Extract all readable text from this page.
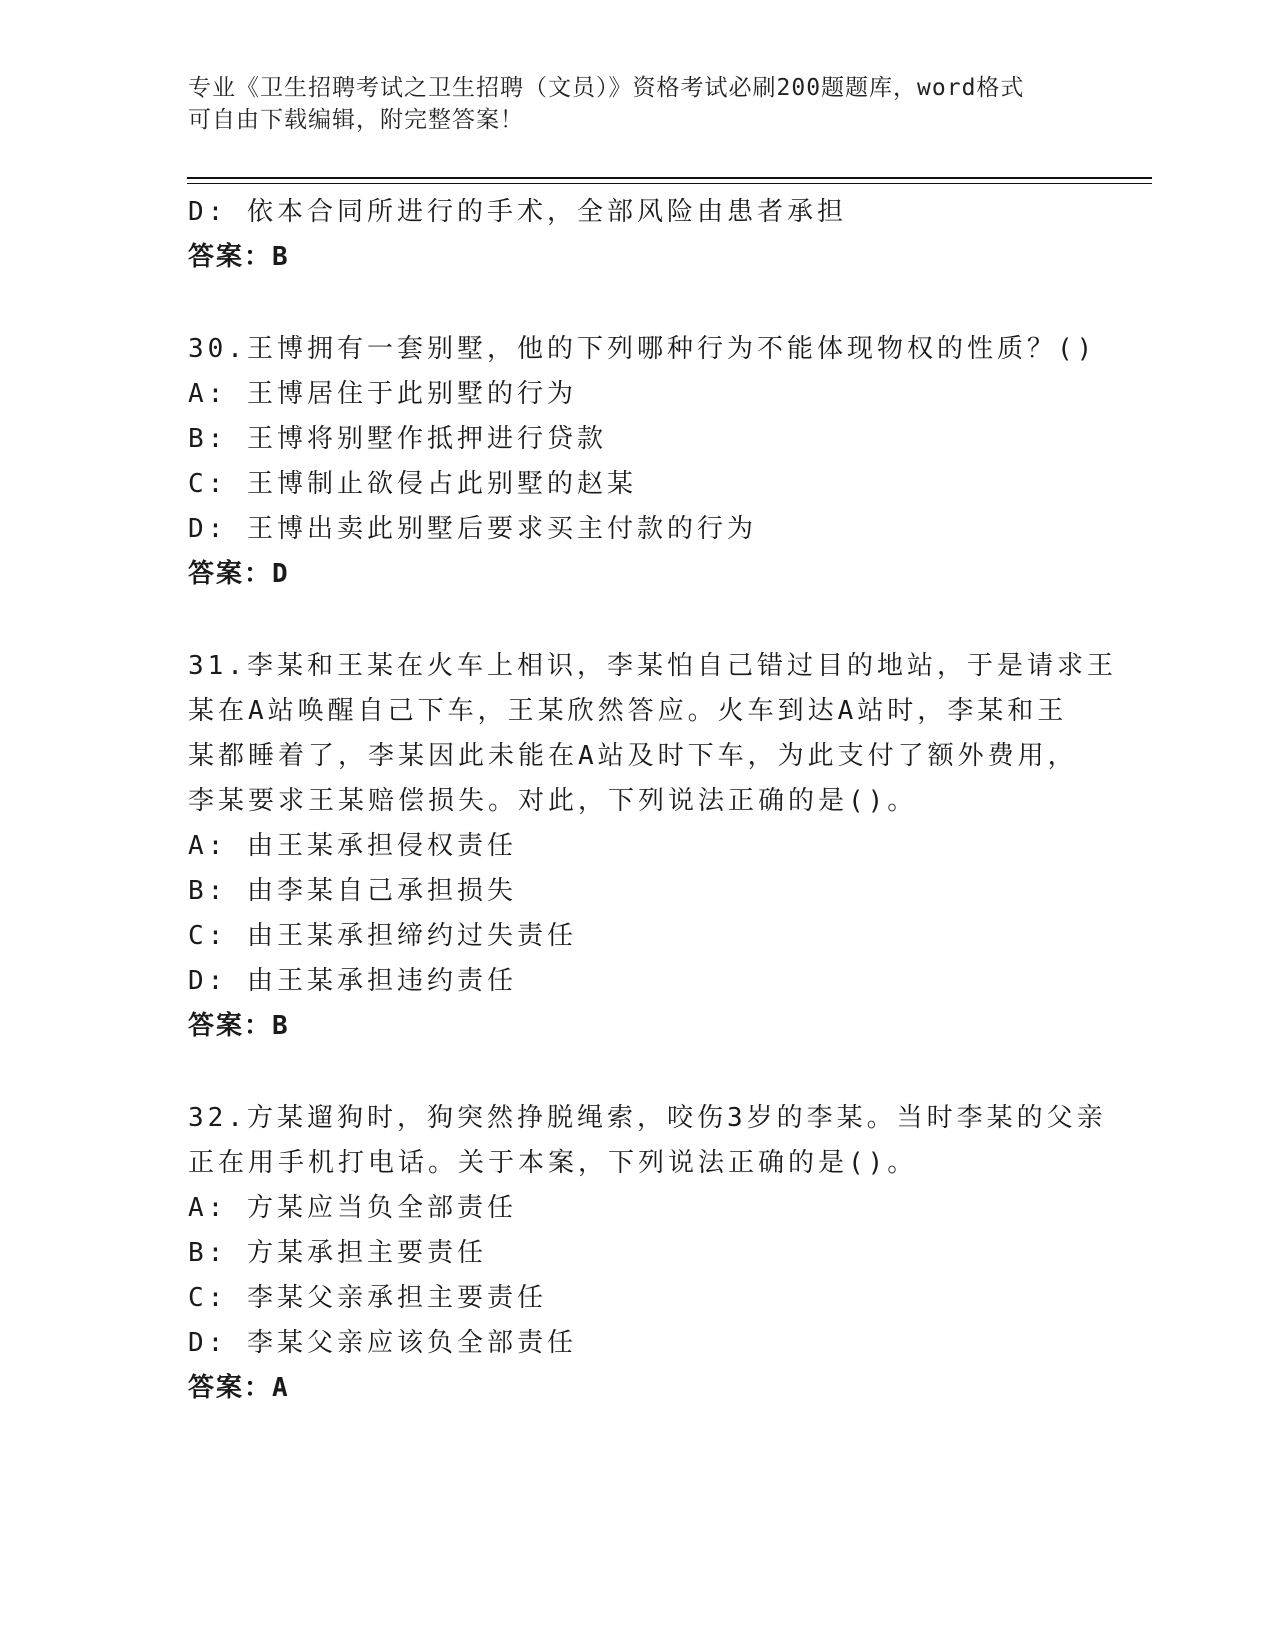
专业《卫生招聘考试之卫生招聘（文员）》资格考试必刷200题题库，word格式
可自由下载编辑，附完整答案！
D: 依本合同所进行的手术，全部风险由患者承担
答案：B
30.王博拥有一套别墅，他的下列哪种行为不能体现物权的性质？()
A: 王博居住于此别墅的行为
B: 王博将别墅作抵押进行贷款
C: 王博制止欲侵占此别墅的赵某
D: 王博出卖此别墅后要求买主付款的行为
答案：D
31.李某和王某在火车上相识，李某怕自己错过目的地站，于是请求王
某在A站唤醒自己下车，王某欣然答应。火车到达A站时，李某和王
某都睡着了，李某因此未能在A站及时下车，为此支付了额外费用，
李某要求王某赔偿损失。对此，下列说法正确的是()。
A: 由王某承担侵权责任
B: 由李某自己承担损失
C: 由王某承担缔约过失责任
D: 由王某承担违约责任
答案：B
32.方某遛狗时，狗突然挣脱绳索，咬伤3岁的李某。当时李某的父亲
正在用手机打电话。关于本案，下列说法正确的是()。
A: 方某应当负全部责任
B: 方某承担主要责任
C: 李某父亲承担主要责任
D: 李某父亲应该负全部责任
答案：A
